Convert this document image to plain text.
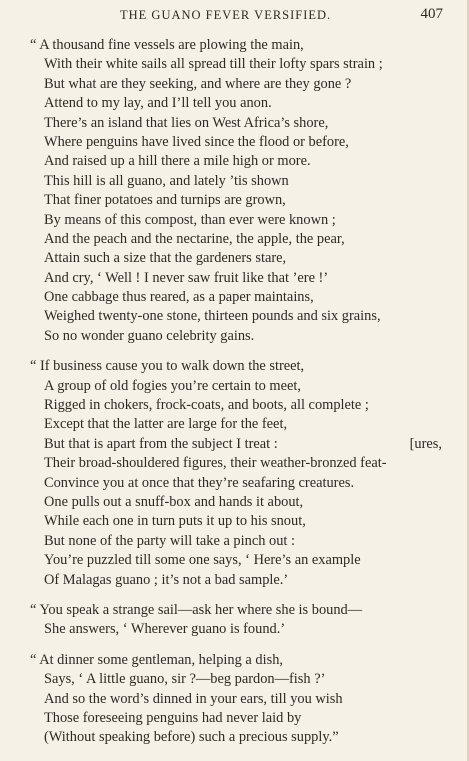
THE GUANO FEVER VERSIFIED.	407
“ A thousand fine vessels are plowing the main,
With their white sails all spread till their lofty spars strain ;
But what are they seeking, and where are they gone ?
Attend to my lay, and I’ll tell you anon.
There’s an island that lies on West Africa’s shore,
Where penguins have lived since the flood or before,
And raised up a hill there a mile high or more.
This hill is all guano, and lately ’tis shown
That finer potatoes and turnips are grown,
By means of this compost, than ever were known ;
And the peach and the nectarine, the apple, the pear,
Attain such a size that the gardeners stare,
And cry, ‘ Well ! I never saw fruit like that ’ere !’
One cabbage thus reared, as a paper maintains,
Weighed twenty-one stone, thirteen pounds and six grains,
So no wonder guano celebrity gains.
“ If business cause you to walk down the street,
A group of old fogies you’re certain to meet,
Rigged in chokers, frock-coats, and boots, all complete ;
Except that the latter are large for the feet,
But that is apart from the subject I treat :	[ures,
Their broad-shouldered figures, their weather-bronzed feat-
Convince you at once that they’re seafaring creatures.
One pulls out a snuff-box and hands it about,
While each one in turn puts it up to his snout,
But none of the party will take a pinch out :
You’re puzzled till some one says, ‘ Here’s an example
Of Malagas guano ; it’s not a bad sample.’
“ You speak a strange sail—ask her where she is bound—
She answers, ‘ Wherever guano is found.’
“ At dinner some gentleman, helping a dish,
Says, ‘ A little guano, sir ?—beg pardon—fish ?’
And so the word’s dinned in your ears, till you wish
Those foreseeing penguins had never laid by
(Without speaking before) such a precious supply.”
